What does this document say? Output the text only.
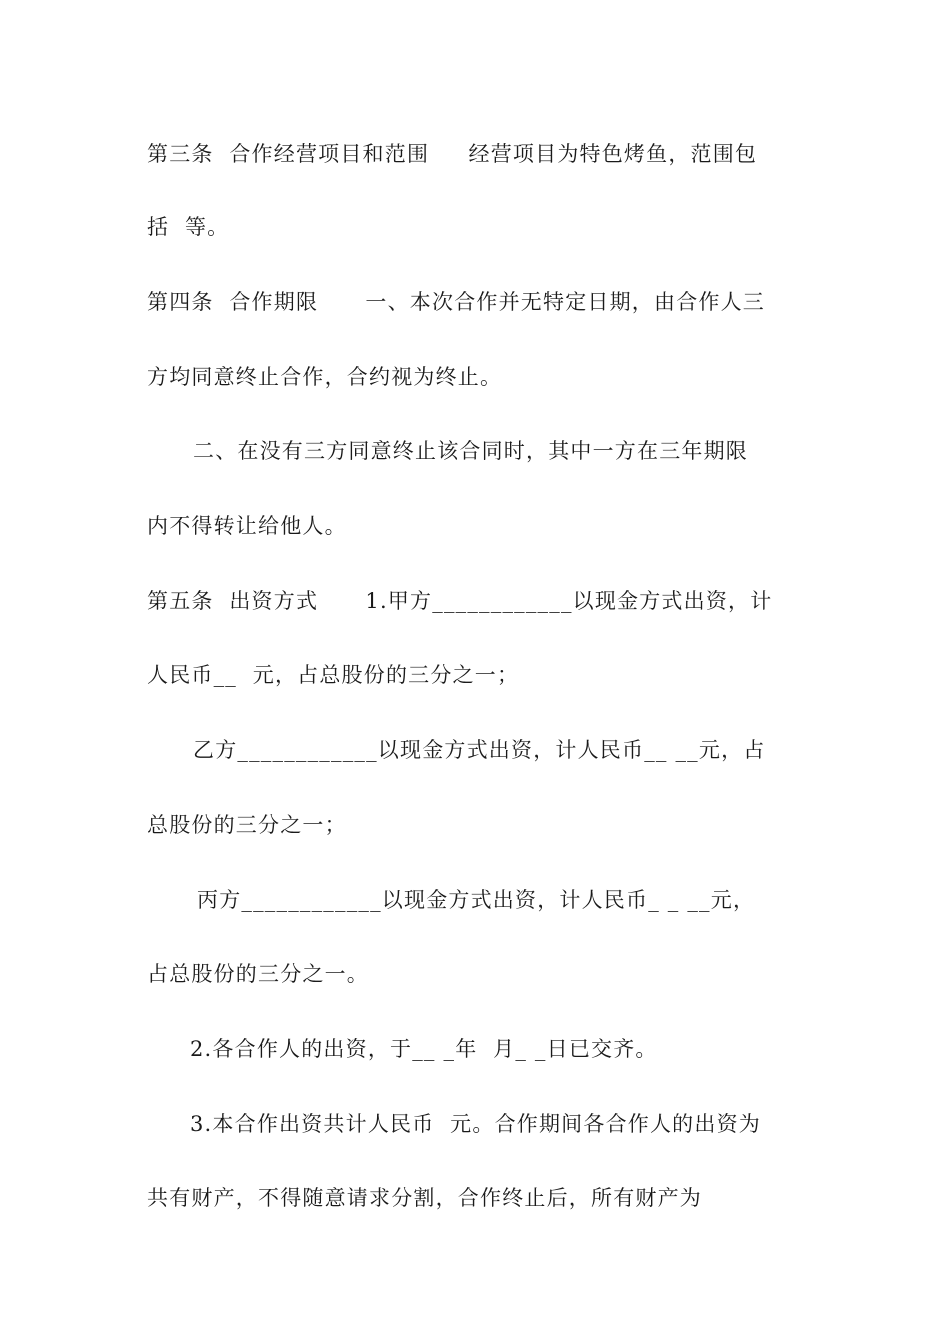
第三条  合作经营项目和范围     经营项目为特色烤鱼，范围包
括  等。
第四条  合作期限      一、本次合作并无特定日期，由合作人三
方均同意终止合作，合约视为终止。
二、在没有三方同意终止该合同时，其中一方在三年期限
内不得转让给他人。
第五条  出资方式      1.甲方____________以现金方式出资，计
人民币__  元，占总股份的三分之一；
乙方____________以现金方式出资，计人民币__ __元，占
总股份的三分之一；
丙方____________以现金方式出资，计人民币_ _ __元，
占总股份的三分之一。
2.各合作人的出资，于__ _年  月_ _日已交齐。
3.本合作出资共计人民币  元。合作期间各合作人的出资为
共有财产，不得随意请求分割，合作终止后，所有财产为
